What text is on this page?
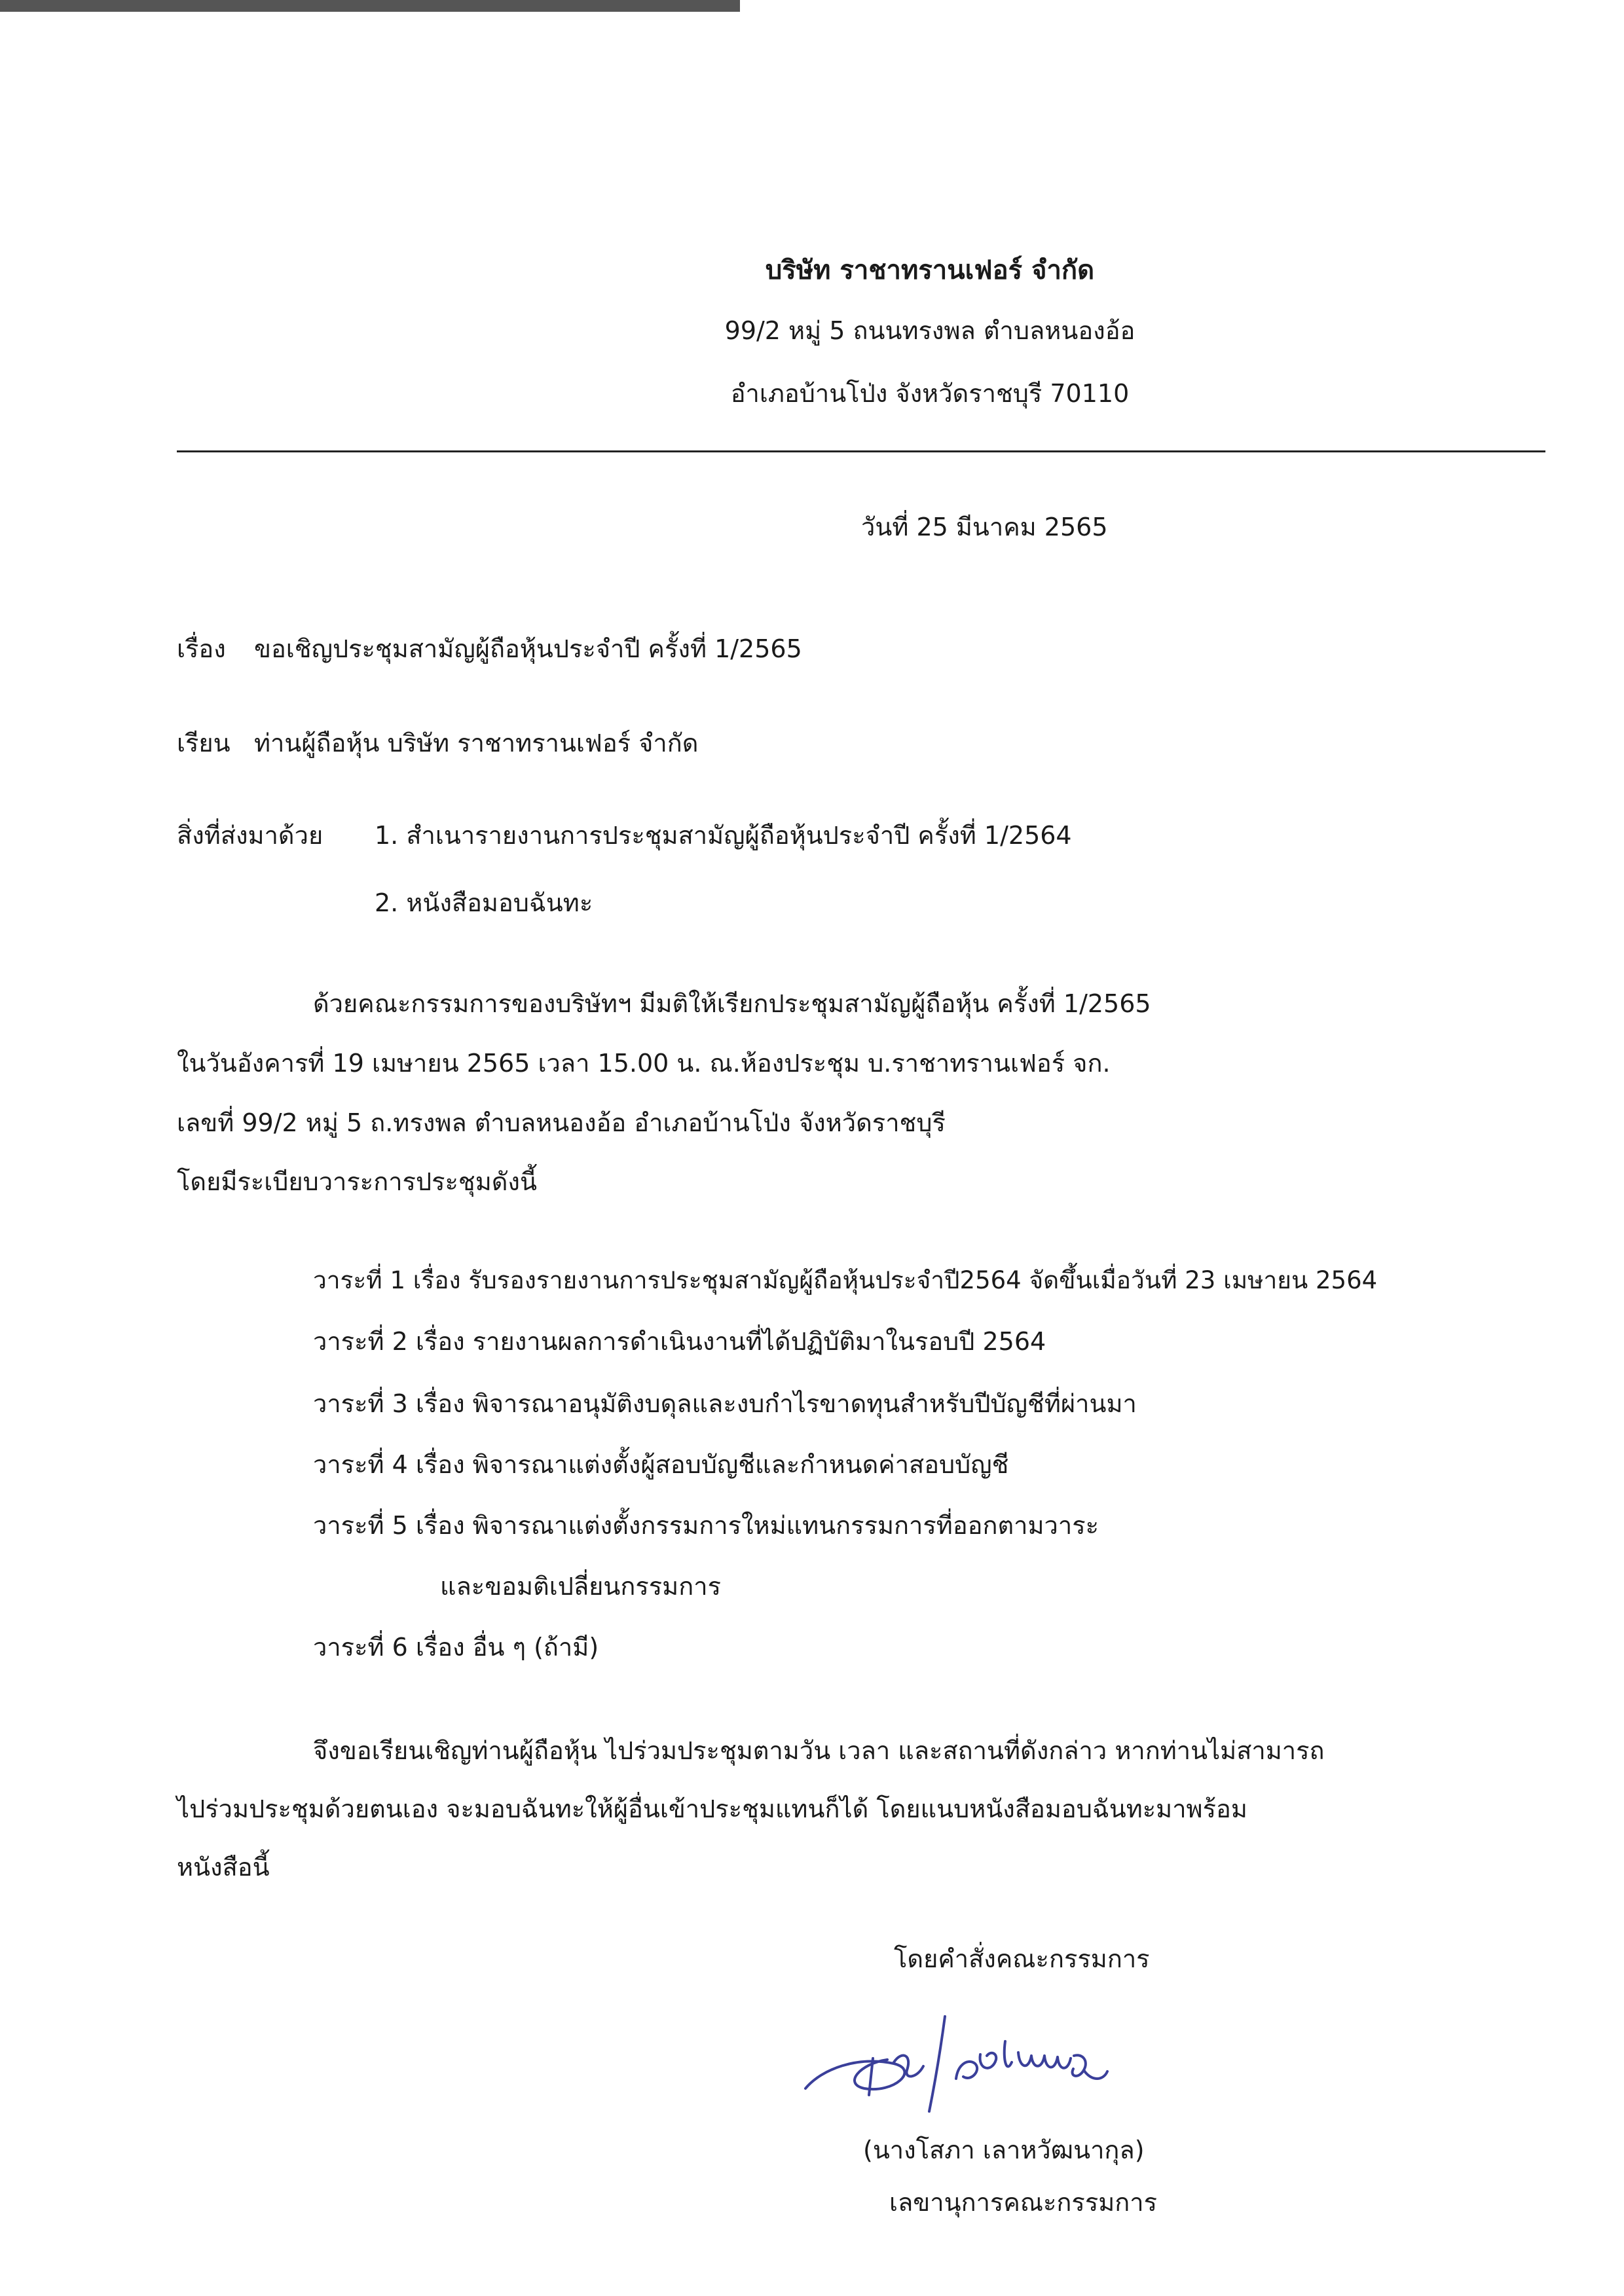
บริษัท ราชาทรานเฟอร์ จำกัด
99/2 หมู่ 5 ถนนทรงพล ตำบลหนองอ้อ
อำเภอบ้านโป่ง จังหวัดราชบุรี 70110
วันที่ 25 มีนาคม 2565
เรื่อง ขอเชิญประชุมสามัญผู้ถือหุ้นประจำปี ครั้งที่ 1/2565
เรียน ท่านผู้ถือหุ้น บริษัท ราชาทรานเฟอร์ จำกัด
สิ่งที่ส่งมาด้วย 1. สำเนารายงานการประชุมสามัญผู้ถือหุ้นประจำปี ครั้งที่ 1/2564
2. หนังสือมอบฉันทะ
ด้วยคณะกรรมการของบริษัทฯ มีมติให้เรียกประชุมสามัญผู้ถือหุ้น ครั้งที่ 1/2565
ในวันอังคารที่ 19 เมษายน 2565 เวลา 15.00 น. ณ.ห้องประชุม บ.ราชาทรานเฟอร์ จก.
เลขที่ 99/2 หมู่ 5 ถ.ทรงพล ตำบลหนองอ้อ อำเภอบ้านโป่ง จังหวัดราชบุรี
โดยมีระเบียบวาระการประชุมดังนี้
วาระที่ 1 เรื่อง รับรองรายงานการประชุมสามัญผู้ถือหุ้นประจำปี2564 จัดขึ้นเมื่อวันที่ 23 เมษายน 2564
วาระที่ 2 เรื่อง รายงานผลการดำเนินงานที่ได้ปฏิบัติมาในรอบปี 2564
วาระที่ 3 เรื่อง พิจารณาอนุมัติงบดุลและงบกำไรขาดทุนสำหรับปีบัญชีที่ผ่านมา
วาระที่ 4 เรื่อง พิจารณาแต่งตั้งผู้สอบบัญชีและกำหนดค่าสอบบัญชี
วาระที่ 5 เรื่อง พิจารณาแต่งตั้งกรรมการใหม่แทนกรรมการที่ออกตามวาระ
และขอมติเปลี่ยนกรรมการ
วาระที่ 6 เรื่อง อื่น ๆ (ถ้ามี)
จึงขอเรียนเชิญท่านผู้ถือหุ้น ไปร่วมประชุมตามวัน เวลา และสถานที่ดังกล่าว หากท่านไม่สามารถ
ไปร่วมประชุมด้วยตนเอง จะมอบฉันทะให้ผู้อื่นเข้าประชุมแทนก็ได้ โดยแนบหนังสือมอบฉันทะมาพร้อม
หนังสือนี้
โดยคำสั่งคณะกรรมการ
(นางโสภา เลาหวัฒนากุล)
เลขานุการคณะกรรมการ
